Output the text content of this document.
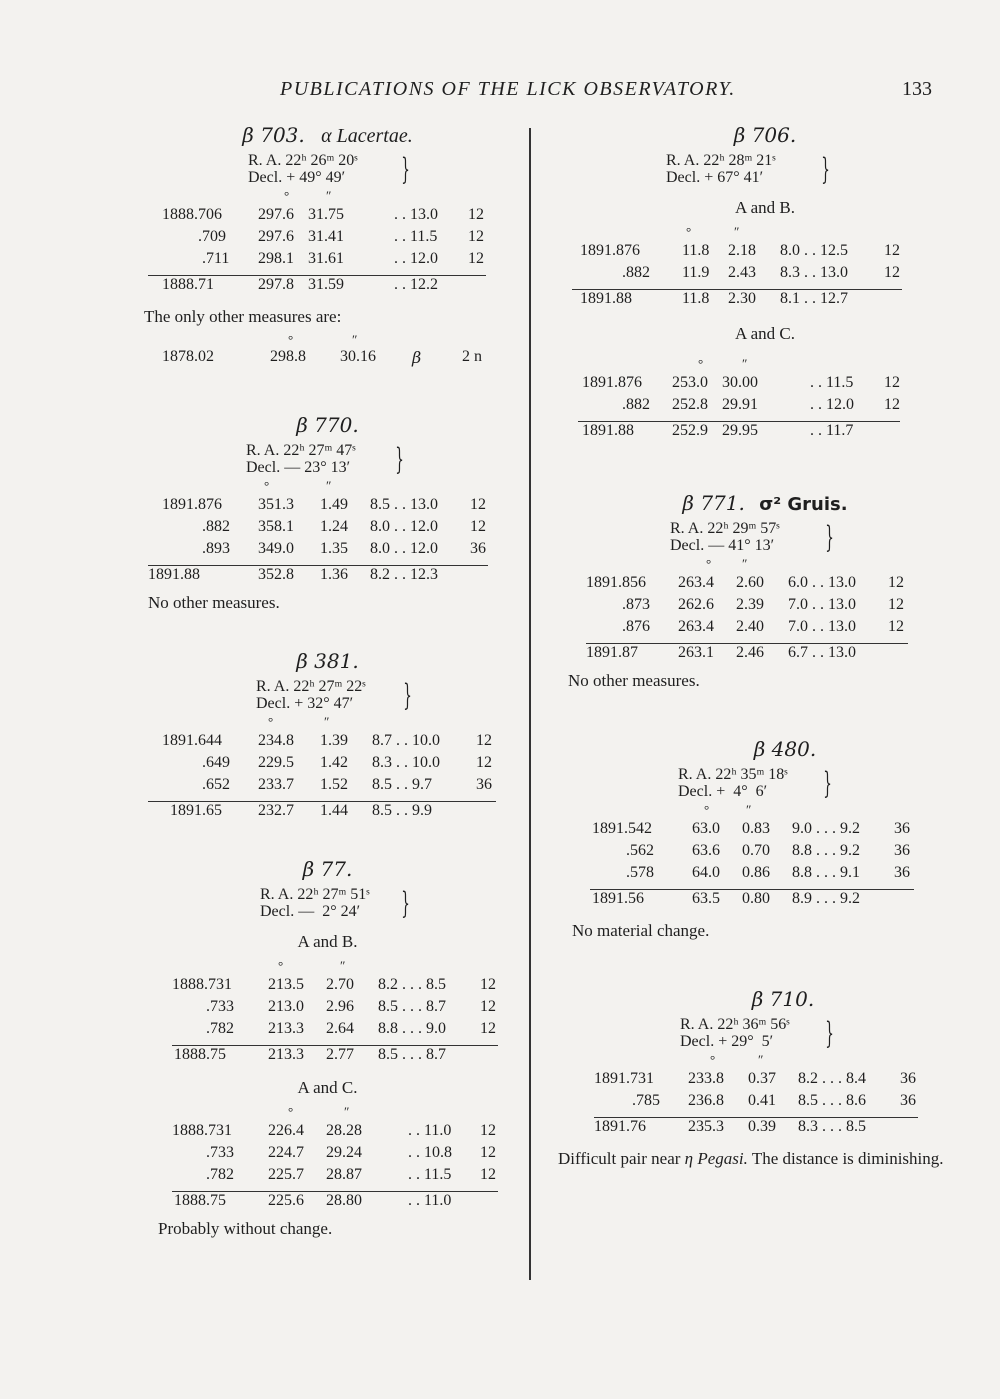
PUBLICATIONS OF THE LICK OBSERVATORY.	133
β 703. α Lacertae.
R. A. 22ʰ 26ᵐ 20ˢ
Decl. + 49° 49′	}
°	″
1888.706 297.6 31.75	. . 13.0 12
.709 297.6 31.41	. . 11.5 12
.711 298.1 31.61	. . 12.0 12
1888.71	297.8 31.59	. . 12.2
The only other measures are:
°	″
1878.02	298.8 30.16 β	2 n
β 770.
R. A. 22ʰ 27ᵐ 47ˢ
Decl. — 23° 13′	}
°	″
1891.876 351.3 1.49 8.5 . . 13.0 12
.882 358.1 1.24 8.0 . . 12.0 12
.893 349.0 1.35 8.0 . . 12.0 36
1891.88	352.8 1.36 8.2 . . 12.3
No other measures.
β 381.
R. A. 22ʰ 27ᵐ 22ˢ
Decl. + 32° 47′	}
°	″
1891.644 234.8 1.39 8.7 . . 10.0 12
.649 229.5 1.42 8.3 . . 10.0 12
.652 233.7 1.52 8.5 . . 9.7	36
1891.65 232.7 1.44 8.5 . . 9.9
β 77.
R. A. 22ʰ 27ᵐ 51ˢ
Decl. —  2° 24′	}
A and B.
°	″
1888.731 213.5 2.70 8.2 . . . 8.5 12
.733 213.0 2.96 8.5 . . . 8.7 12
.782 213.3 2.64 8.8 . . . 9.0 12
1888.75	213.3 2.77 8.5 . . . 8.7
A and C.
°	″
1888.731 226.4 28.28	. . 11.0 12
.733 224.7 29.24	. . 10.8 12
.782 225.7 28.87	. . 11.5 12
1888.75	225.6 28.80	. . 11.0
Probably without change.
β 706.
R. A. 22ʰ 28ᵐ 21ˢ
Decl. + 67° 41′	}
A and B.
°	″
1891.876	11.8 2.18 8.0 . . 12.5 12
.882 11.9 2.43 8.3 . . 13.0 12
1891.88	11.8 2.30 8.1 . . 12.7
A and C.
°	″
1891.876 253.0 30.00	. . 11.5 12
.882 252.8 29.91	. . 12.0 12
1891.88 252.9 29.95	. . 11.7
β 771. σ² Gruis.
R. A. 22ʰ 29ᵐ 57ˢ
Decl. — 41° 13′	}
° ″
1891.856 263.4 2.60 6.0 . . 13.0 12
.873 262.6 2.39 7.0 . . 13.0 12
.876 263.4 2.40 7.0 . . 13.0 12
1891.87	263.1 2.46 6.7 . . 13.0
No other measures.
β 480.
R. A. 22ʰ 35ᵐ 18ˢ
Decl. +  4°  6′	}
°	″
1891.542	63.0 0.83 9.0 . . . 9.2 36
.562 63.6 0.70 8.8 . . . 9.2 36
.578 64.0 0.86 8.8 . . . 9.1 36
1891.56	63.5 0.80 8.9 . . . 9.2
No material change.
β 710.
R. A. 22ʰ 36ᵐ 56ˢ
Decl. + 29°  5′	}
°	″
1891.731 233.8 0.37 8.2 . . . 8.4 36
.785 236.8 0.41 8.5 . . . 8.6 36
1891.76	235.3 0.39 8.3 . . . 8.5
Difficult pair near η Pegasi. The distance is diminishing.
